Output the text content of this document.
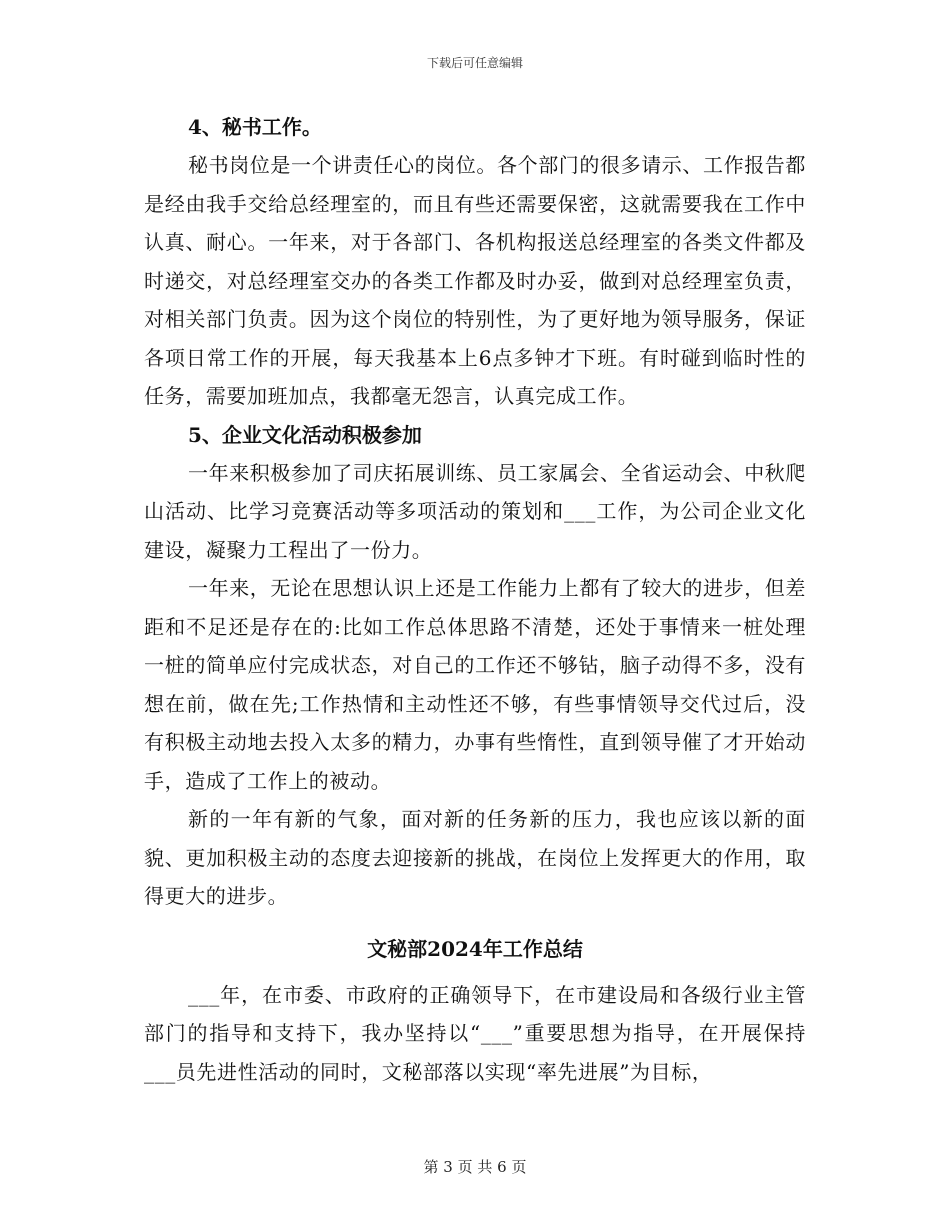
下载后可任意编辑
4、秘书工作。

秘书岗位是一个讲责任心的岗位。各个部门的很多请示、工作报告都是经由我手交给总经理室的，而且有些还需要保密，这就需要我在工作中认真、耐心。一年来，对于各部门、各机构报送总经理室的各类文件都及时递交，对总经理室交办的各类工作都及时办妥，做到对总经理室负责，对相关部门负责。因为这个岗位的特别性，为了更好地为领导服务，保证各项日常工作的开展，每天我基本上6点多钟才下班。有时碰到临时性的任务，需要加班加点，我都毫无怨言，认真完成工作。

5、企业文化活动积极参加

一年来积极参加了司庆拓展训练、员工家属会、全省运动会、中秋爬山活动、比学习竞赛活动等多项活动的策划和___工作，为公司企业文化建设，凝聚力工程出了一份力。

一年来，无论在思想认识上还是工作能力上都有了较大的进步，但差距和不足还是存在的:比如工作总体思路不清楚，还处于事情来一桩处理一桩的简单应付完成状态，对自己的工作还不够钻，脑子动得不多，没有想在前，做在先;工作热情和主动性还不够，有些事情领导交代过后，没有积极主动地去投入太多的精力，办事有些惰性，直到领导催了才开始动手，造成了工作上的被动。

新的一年有新的气象，面对新的任务新的压力，我也应该以新的面貌、更加积极主动的态度去迎接新的挑战，在岗位上发挥更大的作用，取得更大的进步。

文秘部2024年工作总结

___年，在市委、市政府的正确领导下，在市建设局和各级行业主管部门的指导和支持下，我办坚持以“___”重要思想为指导，在开展保持___员先进性活动的同时，文秘部落以实现“率先进展”为目标，

第 3 页 共 6 页
